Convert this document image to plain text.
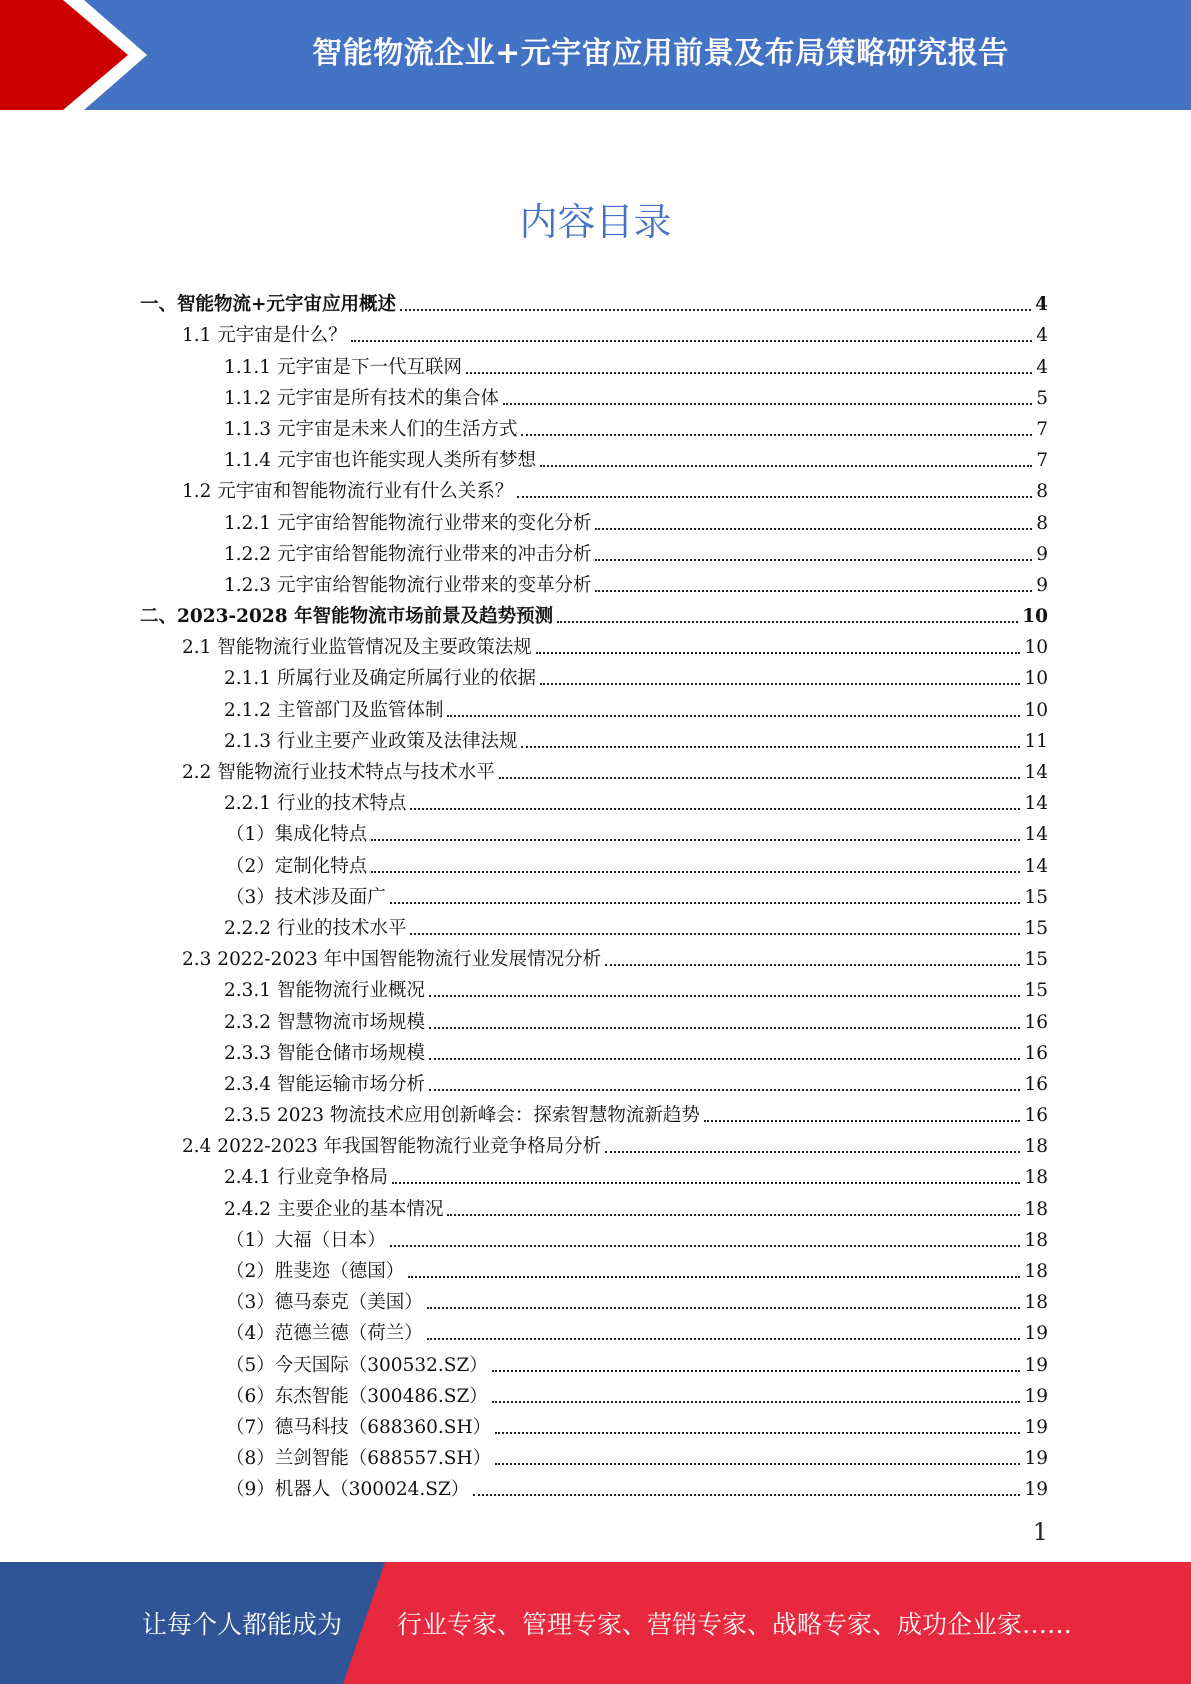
智能物流企业+元宇宙应用前景及布局策略研究报告
内容目录
一、智能物流+元宇宙应用概述	4
1.1 元宇宙是什么？	4
1.1.1 元宇宙是下一代互联网	4
1.1.2 元宇宙是所有技术的集合体	5
1.1.3 元宇宙是未来人们的生活方式	7
1.1.4 元宇宙也许能实现人类所有梦想	7
1.2 元宇宙和智能物流行业有什么关系？	8
1.2.1 元宇宙给智能物流行业带来的变化分析	8
1.2.2 元宇宙给智能物流行业带来的冲击分析	9
1.2.3 元宇宙给智能物流行业带来的变革分析	9
二、2023-2028 年智能物流市场前景及趋势预测	10
2.1 智能物流行业监管情况及主要政策法规	10
2.1.1 所属行业及确定所属行业的依据	10
2.1.2 主管部门及监管体制	10
2.1.3 行业主要产业政策及法律法规	11
2.2 智能物流行业技术特点与技术水平	14
2.2.1 行业的技术特点	14
（1）集成化特点	14
（2）定制化特点	14
（3）技术涉及面广	15
2.2.2 行业的技术水平	15
2.3 2022-2023 年中国智能物流行业发展情况分析	15
2.3.1 智能物流行业概况	15
2.3.2 智慧物流市场规模	16
2.3.3 智能仓储市场规模	16
2.3.4 智能运输市场分析	16
2.3.5 2023 物流技术应用创新峰会：探索智慧物流新趋势	16
2.4 2022-2023 年我国智能物流行业竞争格局分析	18
2.4.1 行业竞争格局	18
2.4.2 主要企业的基本情况	18
（1）大福（日本）	18
（2）胜斐迩（德国）	18
（3）德马泰克（美国）	18
（4）范德兰德（荷兰）	19
（5）今天国际（300532.SZ）	19
（6）东杰智能（300486.SZ）	19
（7）德马科技（688360.SH）	19
（8）兰剑智能（688557.SH）	19
（9）机器人（300024.SZ）	19
1
让每个人都能成为 行业专家、管理专家、营销专家、战略专家、成功企业家……
